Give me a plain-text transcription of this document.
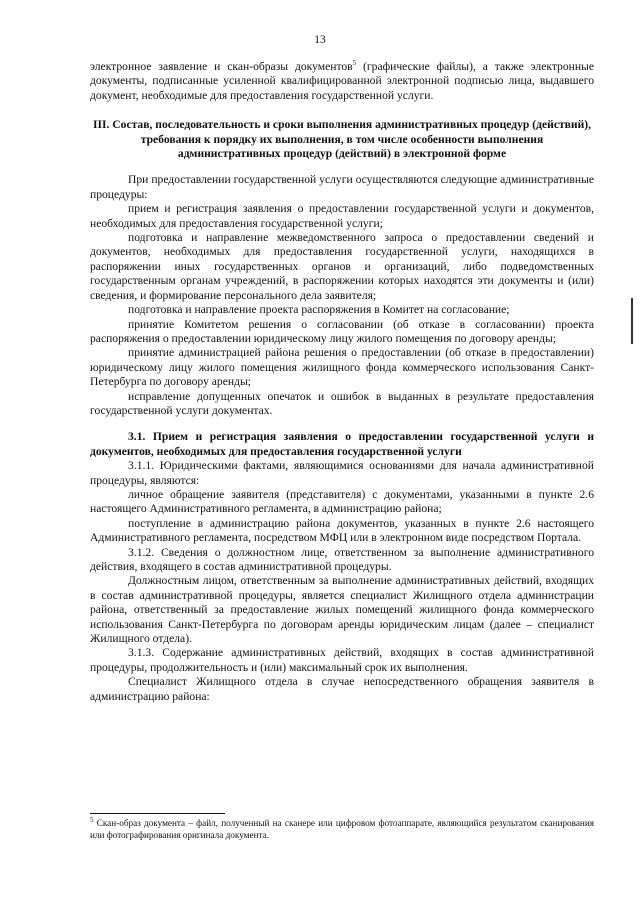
13

электронное заявление и скан-образы документов$^5$ (графические файлы), а также электронные документы, подписанные усиленной квалифицированной электронной подписью лица, выдавшего документ, необходимые для предоставления государственной услуги.

III. Состав, последовательность и сроки выполнения административных процедур (действий), требования к порядку их выполнения, в том числе особенности выполнения административных процедур (действий) в электронной форме

При предоставлении государственной услуги осуществляются следующие административные процедуры:

прием и регистрация заявления о предоставлении государственной услуги и документов, необходимых для предоставления государственной услуги;

подготовка и направление межведомственного запроса о предоставлении сведений и документов, необходимых для предоставления государственной услуги, находящихся в распоряжении иных государственных органов и организаций, либо подведомственных государственным органам учреждений, в распоряжении которых находятся эти документы и (или) сведения, и формирование персонального дела заявителя;

подготовка и направление проекта распоряжения в Комитет на согласование;

принятие Комитетом решения о согласовании (об отказе в согласовании) проекта распоряжения о предоставлении юридическому лицу жилого помещения по договору аренды;

принятие администрацией района решения о предоставлении (об отказе в предоставлении) юридическому лицу жилого помещения жилищного фонда коммерческого использования Санкт-Петербурга по договору аренды;

исправление допущенных опечаток и ошибок в выданных в результате предоставления государственной услуги документах.

3.1. Прием и регистрация заявления о предоставлении государственной услуги и документов, необходимых для предоставления государственной услуги

3.1.1. Юридическими фактами, являющимися основаниями для начала административной процедуры, являются:

личное обращение заявителя (представителя) с документами, указанными в пункте 2.6 настоящего Административного регламента, в администрацию района;

поступление в администрацию района документов, указанных в пункте 2.6 настоящего Административного регламента, посредством МФЦ или в электронном виде посредством Портала.

3.1.2. Сведения о должностном лице, ответственном за выполнение административного действия, входящего в состав административной процедуры.

Должностным лицом, ответственным за выполнение административных действий, входящих в состав административной процедуры, является специалист Жилищного отдела администрации района, ответственный за предоставление жилых помещений жилищного фонда коммерческого использования Санкт-Петербурга по договорам аренды юридическим лицам (далее – специалист Жилищного отдела).

3.1.3. Содержание административных действий, входящих в состав административной процедуры, продолжительность и (или) максимальный срок их выполнения.

Специалист Жилищного отдела в случае непосредственного обращения заявителя в администрацию района:

$^5$ Скан-образ документа – файл, полученный на сканере или цифровом фотоаппарате, являющийся результатом сканирования или фотографирования оригинала документа.
